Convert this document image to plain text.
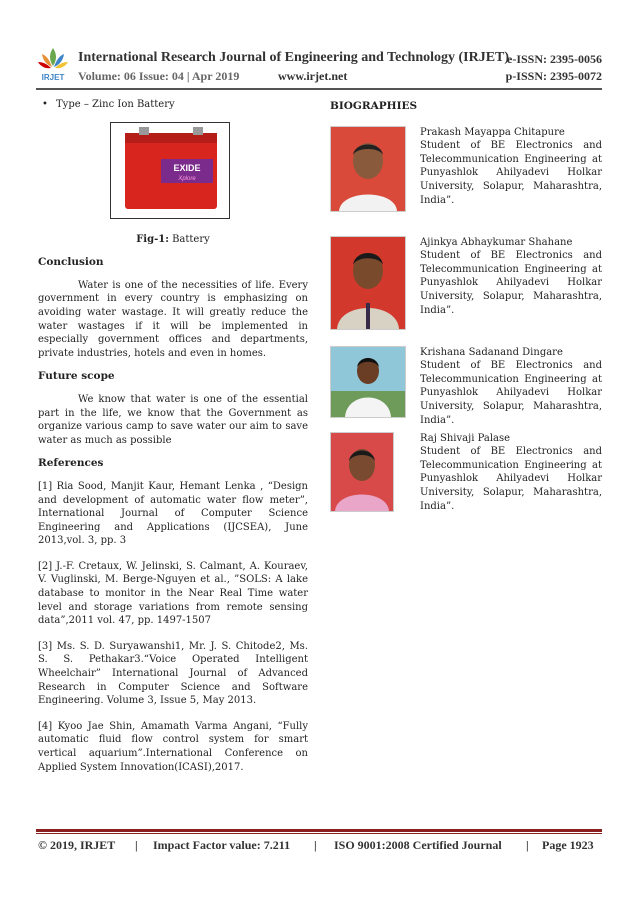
IRJET
International Research Journal of Engineering and Technology (IRJET)
e-ISSN: 2395-0056
Volume: 06 Issue: 04 | Apr 2019	www.irjet.net	p-ISSN: 2395-0072
• Type – Zinc Ion Battery
EXIDE
Xplore
Fig-1: Battery
Conclusion

Water is one of the necessities of life. Every government in every country is emphasizing on avoiding water wastage. It will greatly reduce the water wastages if it will be implemented in especially government offices and departments, private industries, hotels and even in homes.

Future scope

We know that water is one of the essential part in the life, we know that the Government as organize various camp to save water our aim to save water as much as possible

References

[1] Ria Sood, Manjit Kaur, Hemant Lenka , “Design and development of automatic water flow meter”, International Journal of Computer Science Engineering and Applications (IJCSEA), June 2013,vol. 3, pp. 3

[2] J.-F. Cretaux, W. Jelinski, S. Calmant, A. Kouraev, V. Vuglinski, M. Berge-Nguyen et al., ”SOLS: A lake database to monitor in the Near Real Time water level and storage variations from remote sensing data”,2011 vol. 47, pp. 1497-1507

[3] Ms. S. D. Suryawanshi1, Mr. J. S. Chitode2, Ms. S. S. Pethakar3.“Voice Operated Intelligent Wheelchair” International Journal of Advanced Research in Computer Science and Software Engineering. Volume 3, Issue 5, May 2013.

[4] Kyoo Jae Shin, Amamath Varma Angani, “Fully automatic fluid flow control system for smart vertical aquarium”.International Conference on Applied System Innovation(ICASI),2017.

BIOGRAPHIES
Prakash Mayappa Chitapure
Student of BE Electronics and Telecommunication Engineering at Punyashlok Ahilyadevi Holkar University, Solapur, Maharashtra, India”.
Ajinkya Abhaykumar Shahane
Student of BE Electronics and Telecommunication Engineering at Punyashlok Ahilyadevi Holkar University, Solapur, Maharashtra, India”.
Krishana Sadanand Dingare
Student of BE Electronics and Telecommunication Engineering at Punyashlok Ahilyadevi Holkar University, Solapur, Maharashtra, India”.
Raj Shivaji Palase
Student of BE Electronics and Telecommunication Engineering at Punyashlok Ahilyadevi Holkar University, Solapur, Maharashtra, India”.
© 2019, IRJET | Impact Factor value: 7.211 | ISO 9001:2008 Certified Journal | Page 1923
